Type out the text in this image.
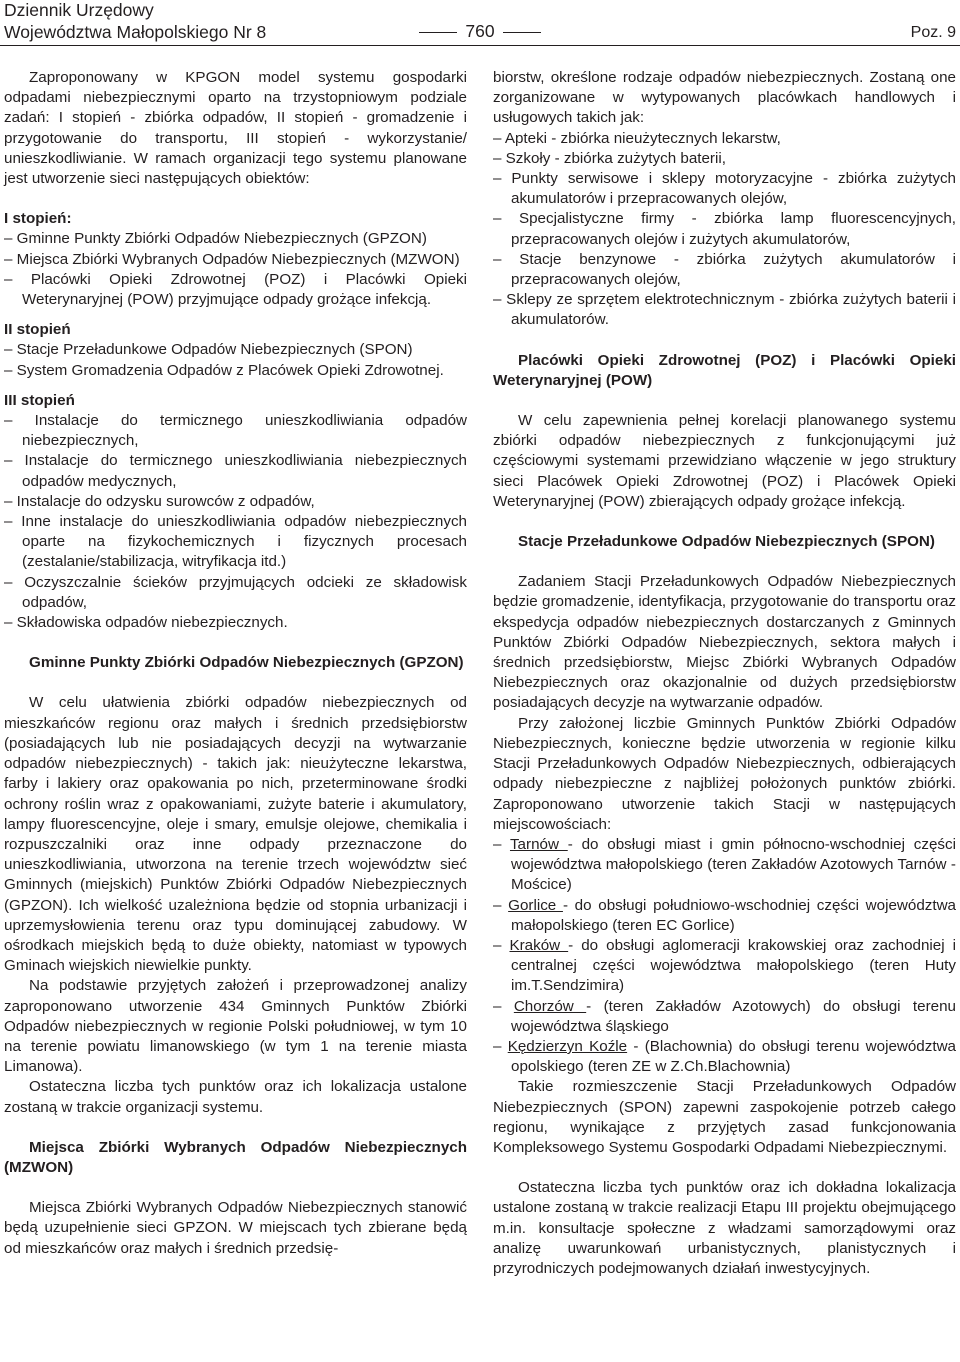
Dziennik Urzędowy
Województwa Małopolskiego Nr 8	760	Poz. 9

Zaproponowany w KPGON model systemu gospodarki odpadami niebezpiecznymi oparto na trzystopniowym podziale zadań: I stopień - zbiórka odpadów, II stopień - gromadzenie i przygotowanie do transportu, III stopień - wykorzystanie/ unieszkodliwianie. W ramach organizacji tego systemu planowane jest utworzenie sieci następujących obiektów:

I stopień:

– Gminne Punkty Zbiórki Odpadów Niebezpiecznych (GPZON)

– Miejsca Zbiórki Wybranych Odpadów Niebezpiecznych (MZWON)

– Placówki Opieki Zdrowotnej (POZ) i Placówki Opieki Weterynaryjnej (POW) przyjmujące odpady grożące infekcją.

II stopień

– Stacje Przeładunkowe Odpadów Niebezpiecznych (SPON)

– System Gromadzenia Odpadów z Placówek Opieki Zdrowotnej.

III stopień

– Instalacje do termicznego unieszkodliwiania odpadów niebezpiecznych,

– Instalacje do termicznego unieszkodliwiania niebezpiecznych odpadów medycznych,

– Instalacje do odzysku surowców z odpadów,

– Inne instalacje do unieszkodliwiania odpadów niebezpiecznych oparte na fizykochemicznych i fizycznych procesach (zestalanie/stabilizacja, witryfikacja itd.)

– Oczyszczalnie ścieków przyjmujących odcieki ze składowisk odpadów,

– Składowiska odpadów niebezpiecznych.

Gminne Punkty Zbiórki Odpadów Niebezpiecznych (GPZON)

W celu ułatwienia zbiórki odpadów niebezpiecznych od mieszkańców regionu oraz małych i średnich przedsiębiorstw (posiadających lub nie posiadających decyzji na wytwarzanie odpadów niebezpiecznych) - takich jak: nieużyteczne lekarstwa, farby i lakiery oraz opakowania po nich, przeterminowane środki ochrony roślin wraz z opakowaniami, zużyte baterie i akumulatory, lampy fluorescencyjne, oleje i smary, emulsje olejowe, chemikalia i rozpuszczalniki oraz inne odpady przeznaczone do unieszkodliwiania, utworzona na terenie trzech województw sieć Gminnych (miejskich) Punktów Zbiórki Odpadów Niebezpiecznych (GPZON). Ich wielkość uzależniona będzie od stopnia urbanizacji i uprzemysłowienia terenu oraz typu dominującej zabudowy. W ośrodkach miejskich będą to duże obiekty, natomiast w typowych Gminach wiejskich niewielkie punkty.

Na podstawie przyjętych założeń i przeprowadzonej analizy zaproponowano utworzenie 434 Gminnych Punktów Zbiórki Odpadów niebezpiecznych w regionie Polski południowej, w tym 10 na terenie powiatu limanowskiego (w tym 1 na terenie miasta Limanowa).

Ostateczna liczba tych punktów oraz ich lokalizacja ustalone zostaną w trakcie organizacji systemu.

Miejsca Zbiórki Wybranych Odpadów Niebezpiecznych (MZWON)

Miejsca Zbiórki Wybranych Odpadów Niebezpiecznych stanowić będą uzupełnienie sieci GPZON. W miejscach tych zbierane będą od mieszkańców oraz małych i średnich przedsię-

biorstw, określone rodzaje odpadów niebezpiecznych. Zostaną one zorganizowane w wytypowanych placówkach handlowych i usługowych takich jak:

– Apteki - zbiórka nieużytecznych lekarstw,

– Szkoły - zbiórka zużytych baterii,

– Punkty serwisowe i sklepy motoryzacyjne - zbiórka zużytych akumulatorów i przepracowanych olejów,

– Specjalistyczne firmy - zbiórka lamp fluorescencyjnych, przepracowanych olejów i zużytych akumulatorów,

– Stacje benzynowe - zbiórka zużytych akumulatorów i przepracowanych olejów,

– Sklepy ze sprzętem elektrotechnicznym - zbiórka zużytych baterii i akumulatorów.

Placówki Opieki Zdrowotnej (POZ) i Placówki Opieki Weterynaryjnej (POW)

W celu zapewnienia pełnej korelacji planowanego systemu zbiórki odpadów niebezpiecznych z funkcjonującymi już częściowymi systemami przewidziano włączenie w jego struktury sieci Placówek Opieki Zdrowotnej (POZ) i Placówek Opieki Weterynaryjnej (POW) zbierających odpady grożące infekcją.

Stacje Przeładunkowe Odpadów Niebezpiecznych (SPON)

Zadaniem Stacji Przeładunkowych Odpadów Niebezpiecznych będzie gromadzenie, identyfikacja, przygotowanie do transportu oraz ekspedycja odpadów niebezpiecznych dostarczanych z Gminnych Punktów Zbiórki Odpadów Niebezpiecznych, sektora małych i średnich przedsiębiorstw, Miejsc Zbiórki Wybranych Odpadów Niebezpiecznych oraz okazjonalnie od dużych przedsiębiorstw posiadających decyzje na wytwarzanie odpadów.

Przy założonej liczbie Gminnych Punktów Zbiórki Odpadów Niebezpiecznych, konieczne będzie utworzenia w regionie kilku Stacji Przeładunkowych Odpadów Niebezpiecznych, odbierających odpady niebezpieczne z najbliżej położonych punktów zbiórki. Zaproponowano utworzenie takich Stacji w następujących miejscowościach:

– Tarnów - do obsługi miast i gmin północno-wschodniej części województwa małopolskiego (teren Zakładów Azotowych Tarnów - Mościce)

– Gorlice - do obsługi południowo-wschodniej części województwa małopolskiego (teren EC Gorlice)

– Kraków - do obsługi aglomeracji krakowskiej oraz zachodniej i centralnej części województwa małopolskiego (teren Huty im.T.Sendzimira)

– Chorzów - (teren Zakładów Azotowych) do obsługi terenu województwa śląskiego

– Kędzierzyn Koźle - (Blachownia) do obsługi terenu województwa opolskiego (teren ZE w Z.Ch.Blachownia)

Takie rozmieszczenie Stacji Przeładunkowych Odpadów Niebezpiecznych (SPON) zapewni zaspokojenie potrzeb całego regionu, wynikające z przyjętych zasad funkcjonowania Kompleksowego Systemu Gospodarki Odpadami Niebezpiecznymi.

Ostateczna liczba tych punktów oraz ich dokładna lokalizacja ustalone zostaną w trakcie realizacji Etapu III projektu obejmującego m.in. konsultacje społeczne z władzami samorządowymi oraz analizę uwarunkowań urbanistycznych, planistycznych i przyrodniczych podejmowanych działań inwestycyjnych.
